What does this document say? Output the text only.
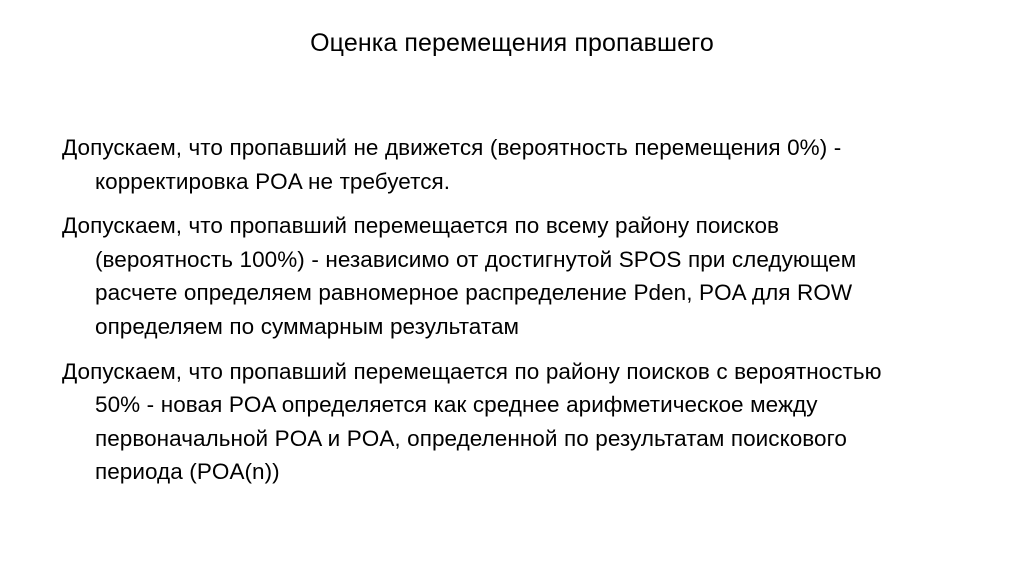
Оценка перемещения пропавшего

Допускаем, что пропавший не движется (вероятность перемещения 0%) - корректировка POA не требуется.

Допускаем, что пропавший перемещается по всему району поисков (вероятность 100%) - независимо от достигнутой SPOS при следующем расчете определяем равномерное распределение Pden, POA для ROW определяем по суммарным результатам

Допускаем, что пропавший перемещается по району поисков с вероятностью 50% - новая POA определяется как среднее арифметическое между первоначальной POA и POA, определенной по результатам поискового периода (POA(n))
